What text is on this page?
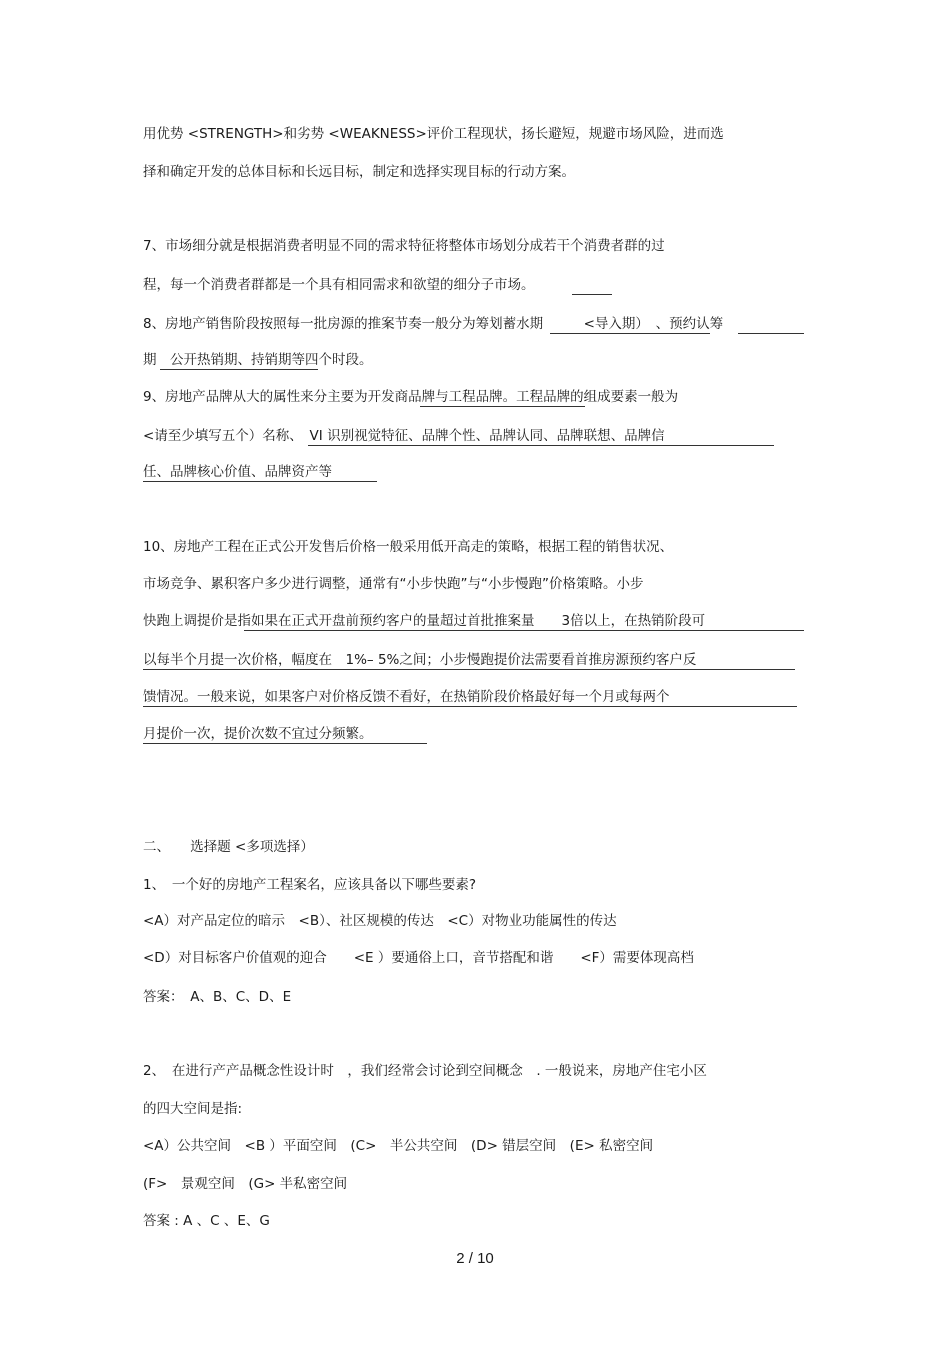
用优势 <STRENGTH>和劣势 <WEAKNESS>评价工程现状，扬长避短，规避市场风险，进而选
择和确定开发的总体目标和长远目标，制定和选择实现目标的行动方案。
7、市场细分就是根据消费者明显不同的需求特征将整体市场划分成若干个消费者群的过
程，每一个消费者群都是一个具有相同需求和欲望的细分子市场。
8、房地产销售阶段按照每一批房源的推案节奏一般分为筹划蓄水期　　　<导入期）　、预约认筹
期　公开热销期、持销期等四个时段。
9、房地产品牌从大的属性来分主要为开发商品牌与工程品牌。工程品牌的组成要素一般为
<请至少填写五个）名称、　VI 识别视觉特征、品牌个性、品牌认同、品牌联想、品牌信
任、品牌核心价值、品牌资产等
10、房地产工程在正式公开发售后价格一般采用低开高走的策略，根据工程的销售状况、
市场竞争、累积客户多少进行调整，通常有“小步快跑”与“小步慢跑”价格策略。小步
快跑上调提价是指如果在正式开盘前预约客户的量超过首批推案量　　3倍以上，在热销阶段可
以每半个月提一次价格，幅度在　1%– 5%之间；小步慢跑提价法需要看首推房源预约客户反
馈情况。一般来说，如果客户对价格反馈不看好，在热销阶段价格最好每一个月或每两个
月提价一次，提价次数不宜过分频繁。
二、　　选择题 <多项选择）
1、　一个好的房地产工程案名，应该具备以下哪些要素?
<A）对产品定位的暗示　<B）、社区规模的传达　<C）对物业功能属性的传达
<D）对目标客户价值观的迎合　　<E ）要通俗上口，音节搭配和谐　　<F）需要体现高档
答案：　A、B、C、D、E
2、　在进行产产品概念性设计时　，我们经常会讨论到空间概念　. 一般说来，房地产住宅小区
的四大空间是指:
<A）公共空间　<B ）平面空间　(C>　半公共空间　(D> 错层空间　(E> 私密空间
(F>　景观空间　(G> 半私密空间
答案 : A 、C 、E、G
2 / 10
